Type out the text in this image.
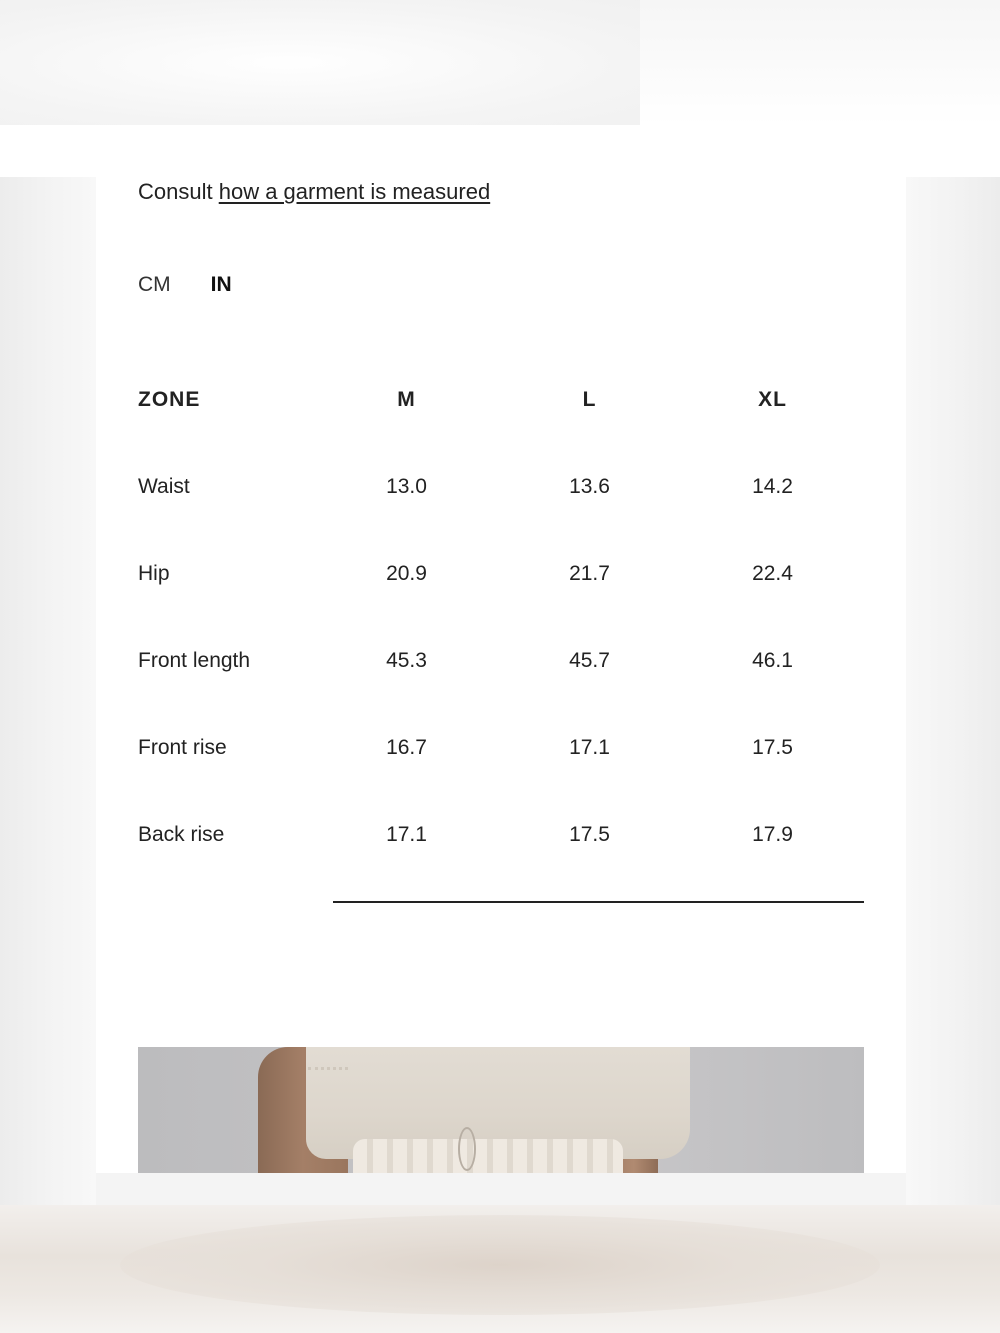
Consult how a garment is measured
CM IN
ZONE	M	L	XL
Waist	13.0	13.6	14.2
Hip	20.9	21.7	22.4
Front length	45.3	45.7	46.1
Front rise	16.7	17.1	17.5
Back rise	17.1	17.5	17.9
